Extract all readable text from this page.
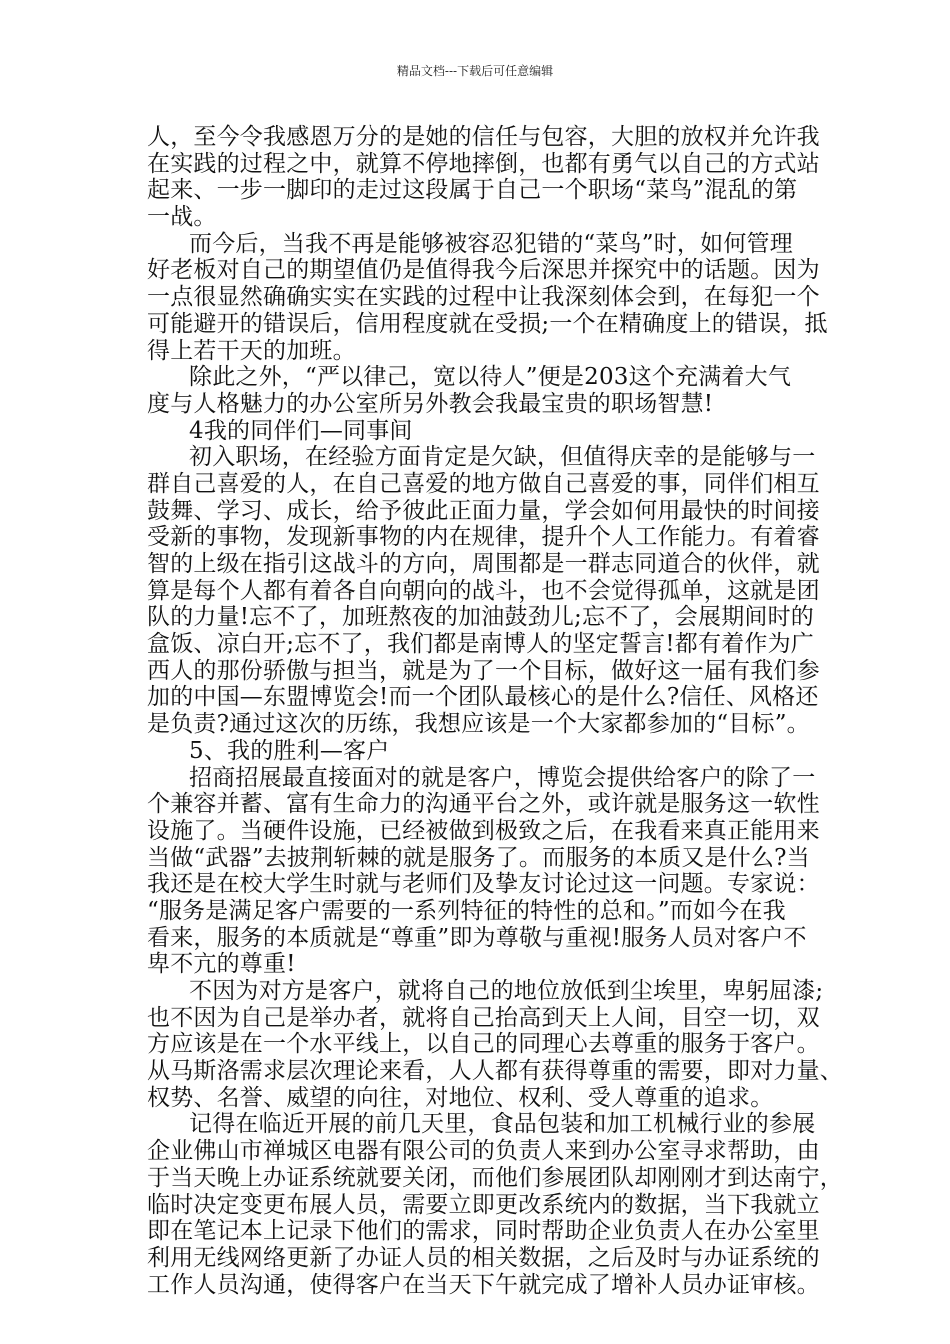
精品文档---下载后可任意编辑
人，至今令我感恩万分的是她的信任与包容，大胆的放权并允许我
在实践的过程之中，就算不停地摔倒，也都有勇气以自己的方式站
起来、一步一脚印的走过这段属于自己一个职场“菜鸟”混乱的第
一战。
而今后，当我不再是能够被容忍犯错的“菜鸟”时，如何管理
好老板对自己的期望值仍是值得我今后深思并探究中的话题。因为
一点很显然确确实实在实践的过程中让我深刻体会到，在每犯一个
可能避开的错误后，信用程度就在受损;一个在精确度上的错误，抵
得上若干天的加班。
除此之外，“严以律己，宽以待人”便是203这个充满着大气
度与人格魅力的办公室所另外教会我最宝贵的职场智慧!
4我的同伴们—同事间
初入职场，在经验方面肯定是欠缺，但值得庆幸的是能够与一
群自己喜爱的人，在自己喜爱的地方做自己喜爱的事，同伴们相互
鼓舞、学习、成长，给予彼此正面力量，学会如何用最快的时间接
受新的事物，发现新事物的内在规律，提升个人工作能力。有着睿
智的上级在指引这战斗的方向，周围都是一群志同道合的伙伴，就
算是每个人都有着各自向朝向的战斗，也不会觉得孤单，这就是团
队的力量!忘不了，加班熬夜的加油鼓劲儿;忘不了，会展期间时的
盒饭、凉白开;忘不了，我们都是南博人的坚定誓言!都有着作为广
西人的那份骄傲与担当，就是为了一个目标，做好这一届有我们参
加的中国—东盟博览会!而一个团队最核心的是什么?信任、风格还
是负责?通过这次的历练，我想应该是一个大家都参加的“目标”。
5、我的胜利—客户
招商招展最直接面对的就是客户，博览会提供给客户的除了一
个兼容并蓄、富有生命力的沟通平台之外，或许就是服务这一软性
设施了。当硬件设施，已经被做到极致之后，在我看来真正能用来
当做“武器”去披荆斩棘的就是服务了。而服务的本质又是什么?当
我还是在校大学生时就与老师们及挚友讨论过这一问题。专家说：
“服务是满足客户需要的一系列特征的特性的总和。”而如今在我
看来，服务的本质就是“尊重”即为尊敬与重视!服务人员对客户不
卑不亢的尊重!
不因为对方是客户，就将自己的地位放低到尘埃里，卑躬屈漆;
也不因为自己是举办者，就将自己抬高到天上人间，目空一切，双
方应该是在一个水平线上，以自己的同理心去尊重的服务于客户。
从马斯洛需求层次理论来看，人人都有获得尊重的需要，即对力量、
权势、名誉、威望的向往，对地位、权利、受人尊重的追求。
记得在临近开展的前几天里，食品包装和加工机械行业的参展
企业佛山市禅城区电器有限公司的负责人来到办公室寻求帮助，由
于当天晚上办证系统就要关闭，而他们参展团队却刚刚才到达南宁，
临时决定变更布展人员，需要立即更改系统内的数据，当下我就立
即在笔记本上记录下他们的需求，同时帮助企业负责人在办公室里
利用无线网络更新了办证人员的相关数据，之后及时与办证系统的
工作人员沟通，使得客户在当天下午就完成了增补人员办证审核。
